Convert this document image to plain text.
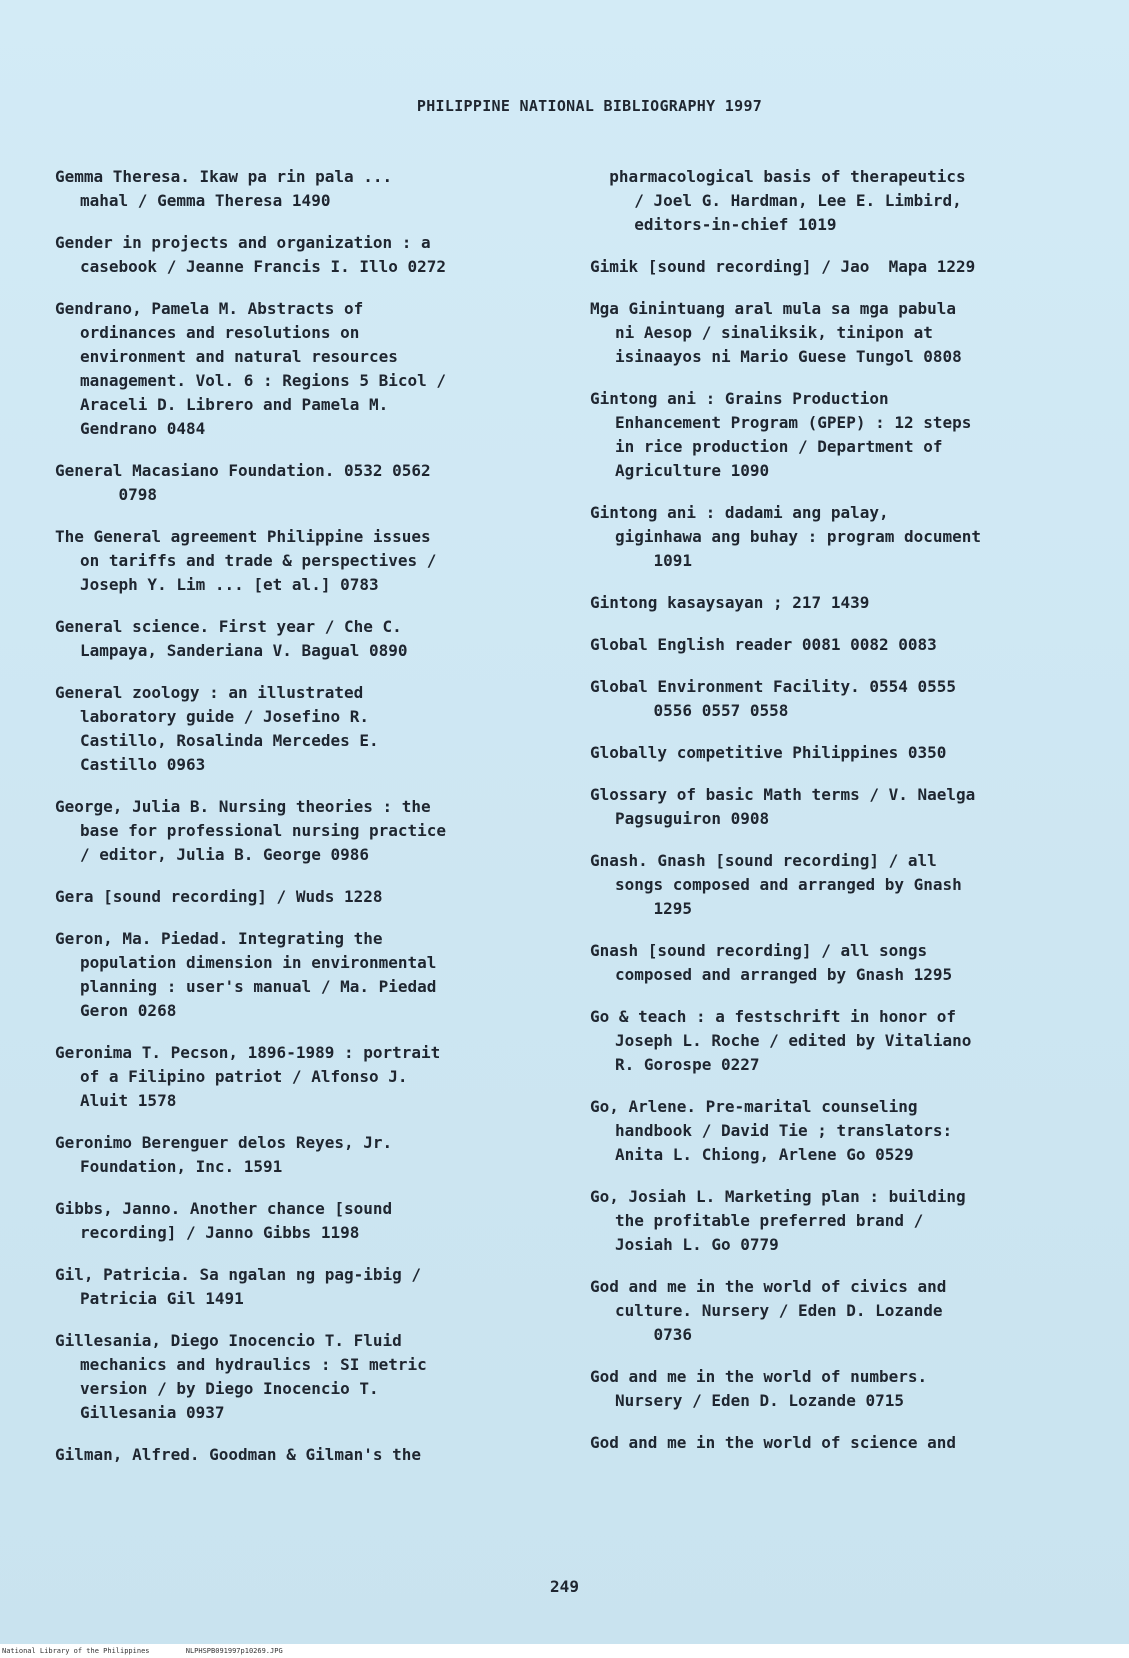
PHILIPPINE NATIONAL BIBLIOGRAPHY 1997
Gemma Theresa. Ikaw pa rin pala ...
mahal / Gemma Theresa 1490
Gender in projects and organization : a
casebook / Jeanne Francis I. Illo 0272
Gendrano, Pamela M. Abstracts of
ordinances and resolutions on
environment and natural resources
management. Vol. 6 : Regions 5 Bicol /
Araceli D. Librero and Pamela M.
Gendrano 0484
General Macasiano Foundation. 0532 0562
0798
The General agreement Philippine issues
on tariffs and trade & perspectives /
Joseph Y. Lim ... [et al.] 0783
General science. First year / Che C.
Lampaya, Sanderiana V. Bagual 0890
General zoology : an illustrated
laboratory guide / Josefino R.
Castillo, Rosalinda Mercedes E.
Castillo 0963
George, Julia B. Nursing theories : the
base for professional nursing practice
/ editor, Julia B. George 0986
Gera [sound recording] / Wuds 1228
Geron, Ma. Piedad. Integrating the
population dimension in environmental
planning : user's manual / Ma. Piedad
Geron 0268
Geronima T. Pecson, 1896-1989 : portrait
of a Filipino patriot / Alfonso J.
Aluit 1578
Geronimo Berenguer delos Reyes, Jr.
Foundation, Inc. 1591
Gibbs, Janno. Another chance [sound
recording] / Janno Gibbs 1198
Gil, Patricia. Sa ngalan ng pag-ibig /
Patricia Gil 1491
Gillesania, Diego Inocencio T. Fluid
mechanics and hydraulics : SI metric
version / by Diego Inocencio T.
Gillesania 0937
Gilman, Alfred. Goodman & Gilman's the
pharmacological basis of therapeutics
/ Joel G. Hardman, Lee E. Limbird,
editors-in-chief 1019
Gimik [sound recording] / Jao  Mapa 1229
Mga Ginintuang aral mula sa mga pabula
ni Aesop / sinaliksik, tinipon at
isinaayos ni Mario Guese Tungol 0808
Gintong ani : Grains Production
Enhancement Program (GPEP) : 12 steps
in rice production / Department of
Agriculture 1090
Gintong ani : dadami ang palay,
giginhawa ang buhay : program document
1091
Gintong kasaysayan ; 217 1439
Global English reader 0081 0082 0083
Global Environment Facility. 0554 0555
0556 0557 0558
Globally competitive Philippines 0350
Glossary of basic Math terms / V. Naelga
Pagsuguiron 0908
Gnash. Gnash [sound recording] / all
songs composed and arranged by Gnash
1295
Gnash [sound recording] / all songs
composed and arranged by Gnash 1295
Go & teach : a festschrift in honor of
Joseph L. Roche / edited by Vitaliano
R. Gorospe 0227
Go, Arlene. Pre-marital counseling
handbook / David Tie ; translators:
Anita L. Chiong, Arlene Go 0529
Go, Josiah L. Marketing plan : building
the profitable preferred brand /
Josiah L. Go 0779
God and me in the world of civics and
culture. Nursery / Eden D. Lozande
0736
God and me in the world of numbers.
Nursery / Eden D. Lozande 0715
God and me in the world of science and
249
National Library of the Philippines	NLPHSPB091997p10269.JPG
